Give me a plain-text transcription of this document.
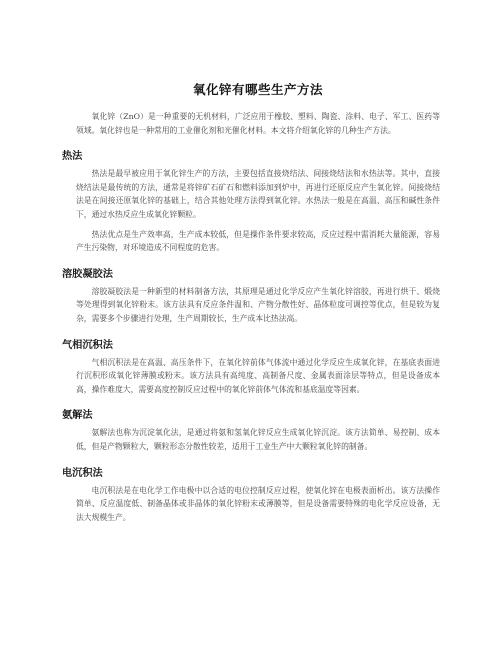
氧化锌有哪些生产方法

氧化锌（ZnO）是一种重要的无机材料，广泛应用于橡胶、塑料、陶瓷、涂料、电子、军工、医药等领域。氧化锌也是一种常用的工业催化剂和光催化材料。本文将介绍氧化锌的几种生产方法。

热法

热法是最早被应用于氧化锌生产的方法，主要包括直接烧结法、间接烧结法和水热法等。其中，直接烧结法是最传统的方法，通常是将锌矿石矿石和燃料添加到炉中，再进行还原反应产生氧化锌。间接烧结法是在间接还原氧化锌的基础上，结合其他处理方法得到氧化锌。水热法一般是在高温、高压和碱性条件下，通过水热反应生成氧化锌颗粒。

热法优点是生产效率高，生产成本较低，但是操作条件要求较高，反应过程中需消耗大量能源，容易产生污染物，对环境造成不同程度的危害。

溶胶凝胶法

溶胶凝胶法是一种新型的材料制备方法，其原理是通过化学反应产生氧化锌溶胶，再进行烘干、煅烧等处理得到氧化锌粉末。该方法具有反应条件温和、产物分散性好、晶体粒度可调控等优点，但是较为复杂，需要多个步骤进行处理，生产周期较长，生产成本比热法高。

气相沉积法

气相沉积法是在高温、高压条件下，在氧化锌前体气体流中通过化学反应生成氧化锌，在基底表面进行沉积形成氧化锌薄膜或粉末。该方法具有高纯度、高制备尺度、金属表面涂层等特点，但是设备成本高，操作难度大，需要高度控制反应过程中的氧化锌前体气体流和基底温度等因素。

氨解法

氨解法也称为沉淀氧化法，是通过将氨和氢氧化锌反应生成氧化锌沉淀。该方法简单、易控制、成本低，但是产物颗粒大，颗粒形态分散性较差，适用于工业生产中大颗粒氧化锌的制备。

电沉积法

电沉积法是在电化学工作电极中以合适的电位控制反应过程，使氧化锌在电极表面析出。该方法操作简单、反应温度低、制备晶体或非晶体的氧化锌粉末或薄膜等，但是设备需要特殊的电化学反应设备，无法大规模生产。
